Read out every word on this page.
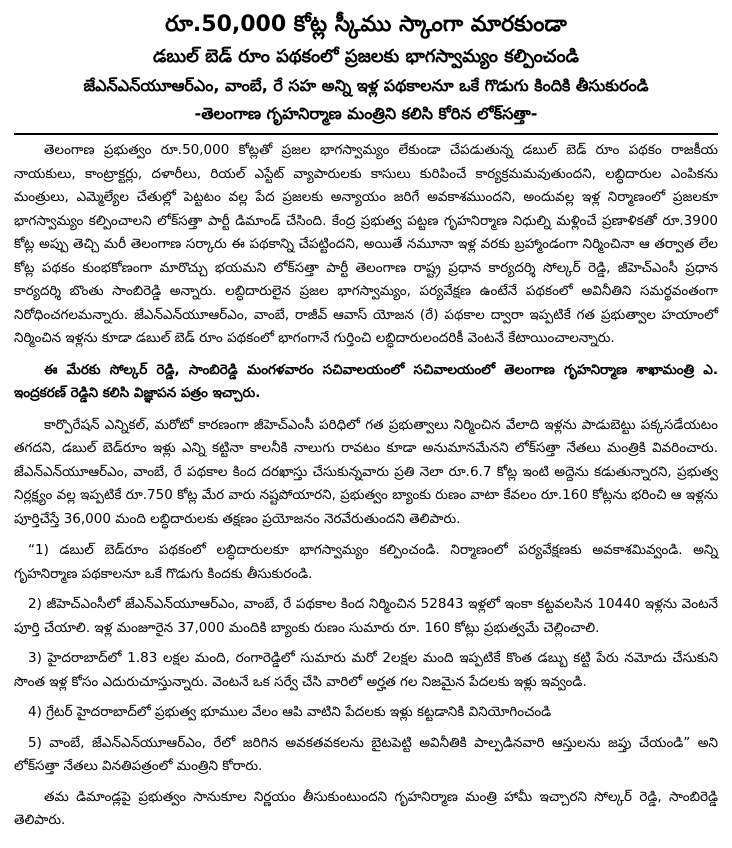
రూ.50,000 కోట్ల స్కీము స్కాంగా మారకుండా
డబుల్ బెడ్ రూం పథకంలో ప్రజలకు భాగస్వామ్యం కల్పించండి
జేఎన్‌ఎన్‌యూఆర్ఎం, వాంబే, రే సహ అన్ని ఇళ్ల పథకాలనూ ఒకే గొడుగు కిందికి తీసుకురండి
-తెలంగాణ గృహనిర్మాణ మంత్రిని కలిసి కోరిన లోక్‌సత్తా-

తెలంగాణ ప్రభుత్వం రూ.50,000 కోట్లతో ప్రజల భాగస్వామ్యం లేకుండా చేపడుతున్న డబుల్ బెడ్ రూం పథకం రాజకీయ నాయకులు, కాంట్రాక్టర్లు, దళారీలు, రియల్ ఎస్టేట్ వ్యాపారులకు కాసులు కురిపించే కార్యక్రమమవుతుందని, లబ్ధిదారుల ఎంపికను మంత్రులు, ఎమ్మెల్యేల చేతుల్లో పెట్టటం వల్ల పేద ప్రజలకు అన్యాయం జరిగే అవకాశముందని, అందువల్ల ఇళ్ల నిర్మాణంలో ప్రజలకూ భాగస్వామ్యం కల్పించాలని లోక్‌సత్తా పార్టీ డిమాండ్ చేసింది. కేంద్ర ప్రభుత్వ పట్టణ గృహనిర్మాణ నిధుల్ని మళ్లించే ప్రణాళికతో రూ.3900 కోట్ల అప్పు తెచ్చి మరీ తెలంగాణ సర్కారు ఈ పథకాన్ని చేపట్టిందని, అయితే నమూనా ఇళ్ల వరకు బ్రహ్మాండంగా నిర్మించినా ఆ తర్వాత లేల కోట్ల పథకం కుంభకోణంగా మారొచ్చు భయమని లోక్‌సత్తా పార్టీ తెలంగాణ రాష్ట్ర ప్రధాన కార్యదర్శి సోల్కర్ రెడ్డి, జీహెచ్ఎంసీ ప్రధాన కార్యదర్శి బొంతు సాంబిరెడ్డి అన్నారు. లబ్ధిదారులైన ప్రజల భాగస్వామ్యం, పర్యవేక్షణ ఉంటేనే పథకంలో అవినీతిని సమర్థవంతంగా నిరోధించగలమన్నారు. జేఎన్‌ఎన్‌యూఆర్ఎం, వాంబే, రాజీవ్ ఆవాస్ యోజన (రే) పథకాల ద్వారా ఇప్పటికే గత ప్రభుత్వాల హయాంలో నిర్మించిన ఇళ్లను కూడా డబుల్ బెడ్ రూం పథకంలో భాగంగానే గుర్తించి లబ్ధిదారులందరికీ వెంటనే కేటాయించాలన్నారు.

ఈ మేరకు సోల్కర్ రెడ్డి, సాంబిరెడ్డి మంగళవారం సచివాలయంలో సచివాలయంలో తెలంగాణ గృహనిర్మాణ శాఖామంత్రి ఎ. ఇంద్రకరణ్ రెడ్డిని కలిసి విజ్ఞాపన పత్రం ఇచ్చారు.

కార్పొరేషన్ ఎన్నికల్, మరోటో కారణంగా జీహెచ్ఎంసీ పరిధిలో గత ప్రభుత్వాలు నిర్మించిన వేలాది ఇళ్లను పాడుబెట్టు పక్కసడేయటం తగదని, డబుల్ బెడ్‌రూం ఇళ్లు ఎన్ని కట్టినా కాలనీకి నాలుగు రావటం కూడా అనుమానమేనని లోక్‌సత్తా నేతలు మంత్రికి వివరించారు. జేఎన్‌ఎన్‌యూఆర్ఎం, వాంబే, రే పథకాల కింద దరఖాస్తు చేసుకున్నవారు ప్రతి నెలా రూ.6.7 కోట్ల ఇంటి అద్దెను కడుతున్నారని, ప్రభుత్వ నిర్లక్ష్యం వల్ల ఇప్పటికే రూ.750 కోట్ల మేర వారు నష్టపోయారని, ప్రభుత్వం బ్యాంకు రుణం వాటా కేవలం రూ.160 కోట్లను భరించి ఆ ఇళ్లను పూర్తిచేస్తే 36,000 మంది లబ్ధిదారులకు తక్షణం ప్రయోజనం నెరవేరుతుందని తెలిపారు.

“1) డబుల్ బెడ్‌రూం పథకంలో లబ్ధిదారులకూ భాగస్వామ్యం కల్పించండి. నిర్మాణంలో పర్యవేక్షణకు అవకాశమివ్వండి. అన్ని గృహనిర్మాణ పథకాలనూ ఒకే గొడుగు కిందకు తీసుకురండి.

2) జీహెచ్ఎంసీలో జేఎన్‌ఎన్‌యూఆర్ఎం, వాంబే, రే పథకాల కింద నిర్మించిన 52843 ఇళ్లలో ఇంకా కట్టవలసిన 10440 ఇళ్లను వెంటనే పూర్తి చేయాలి. ఇళ్ల మంజూరైన 37,000 మందికి బ్యాంకు రుణం సుమారు రూ. 160 కోట్లు ప్రభుత్వమే చెల్లించాలి.

3) హైదరాబాద్‌లో 1.83 లక్షల మంది, రంగారెడ్డిలో సుమారు మరో 2లక్షల మంది ఇప్పటికే కొంత డబ్బు కట్టి పేరు నమోదు చేసుకుని సొంత ఇళ్ల కోసం ఎదురుచూస్తున్నారు. వెంటనే ఒక సర్వే చేసి వారిలో అర్హత గల నిజమైన పేదలకు ఇళ్లు ఇవ్వండి.

4) గ్రేటర్ హైదరాబాద్‌లో ప్రభుత్వ భూముల వేలం ఆపి వాటిని పేదలకు ఇళ్లు కట్టడానికి వినియోగించండి

5) వాంబే, జేఎన్‌ఎన్‌యూఆర్ఎం, రేలో జరిగిన అవకతవకలను బైటపెట్టి అవినీతికి పాల్పడినవారి ఆస్తులను జప్తు చేయండి” అని లోక్‌సత్తా నేతలు వినతిపత్రంలో మంత్రిని కోరారు.

తమ డిమాండ్లపై ప్రభుత్వం సానుకూల నిర్ణయం తీసుకుంటుందని గృహనిర్మాణ మంత్రి హామీ ఇచ్చారని సోల్కర్ రెడ్డి, సాంబిరెడ్డి తెలిపారు.
